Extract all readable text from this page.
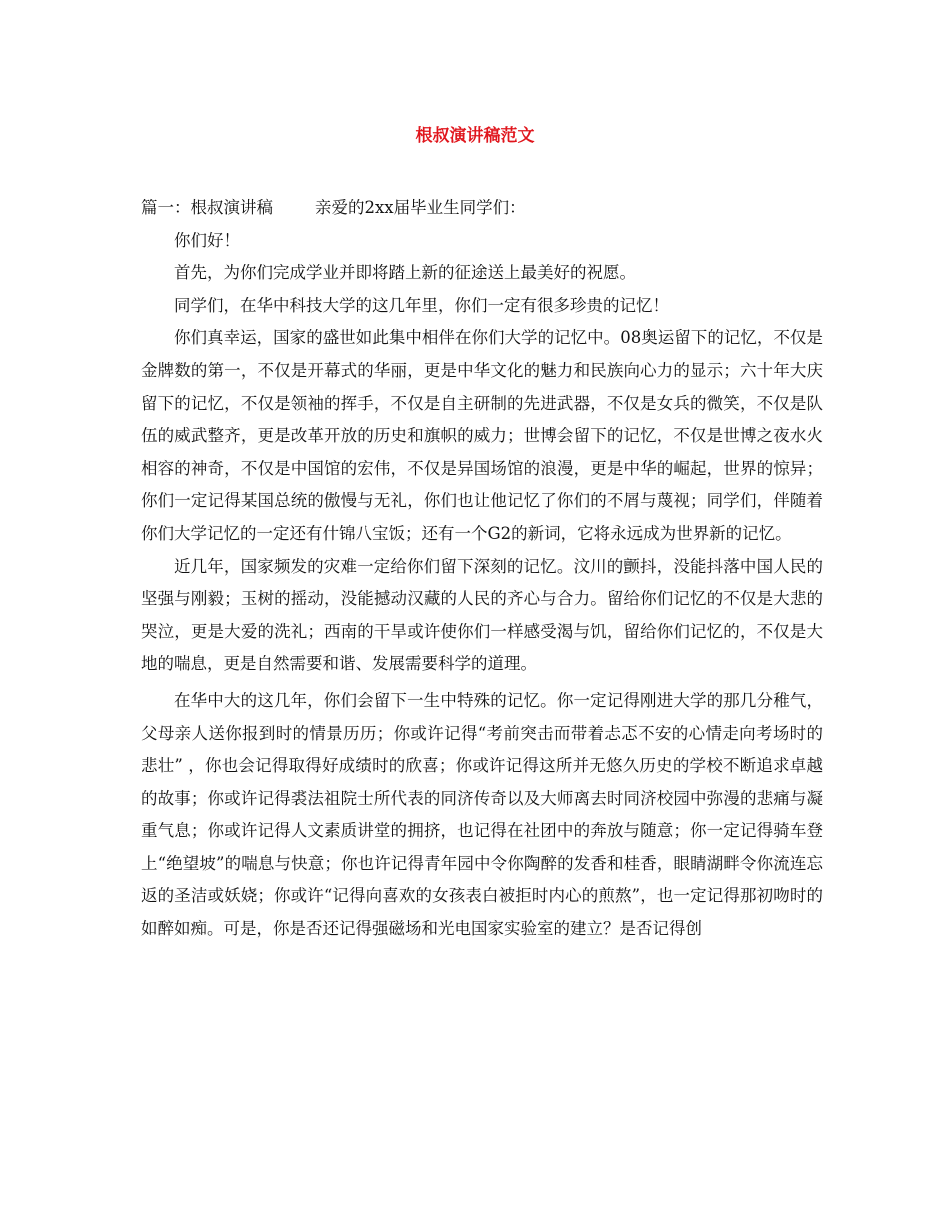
根叔演讲稿范文

篇一：根叔演讲稿	亲爱的2xx届毕业生同学们：

你们好！

首先，为你们完成学业并即将踏上新的征途送上最美好的祝愿。

同学们，在华中科技大学的这几年里，你们一定有很多珍贵的记忆！

你们真幸运，国家的盛世如此集中相伴在你们大学的记忆中。08奥运留下的记忆，不仅是金牌数的第一，不仅是开幕式的华丽，更是中华文化的魅力和民族向心力的显示；六十年大庆留下的记忆，不仅是领袖的挥手，不仅是自主研制的先进武器，不仅是女兵的微笑，不仅是队伍的威武整齐，更是改革开放的历史和旗帜的威力；世博会留下的记忆，不仅是世博之夜水火相容的神奇，不仅是中国馆的宏伟，不仅是异国场馆的浪漫，更是中华的崛起，世界的惊异；你们一定记得某国总统的傲慢与无礼，你们也让他记忆了你们的不屑与蔑视；同学们，伴随着你们大学记忆的一定还有什锦八宝饭；还有一个G2的新词，它将永远成为世界新的记忆。

近几年，国家频发的灾难一定给你们留下深刻的记忆。汶川的颤抖，没能抖落中国人民的坚强与刚毅；玉树的摇动，没能撼动汉藏的人民的齐心与合力。留给你们记忆的不仅是大悲的哭泣，更是大爱的洗礼；西南的干旱或许使你们一样感受渴与饥，留给你们记忆的，不仅是大地的喘息，更是自然需要和谐、发展需要科学的道理。

在华中大的这几年，你们会留下一生中特殊的记忆。你一定记得刚进大学的那几分稚气，父母亲人送你报到时的情景历历；你或许记得“考前突击而带着忐忑不安的心情走向考场时的悲壮” ，你也会记得取得好成绩时的欣喜；你或许记得这所并无悠久历史的学校不断追求卓越的故事；你或许记得裘法祖院士所代表的同济传奇以及大师离去时同济校园中弥漫的悲痛与凝重气息；你或许记得人文素质讲堂的拥挤，也记得在社团中的奔放与随意；你一定记得骑车登上“绝望坡”的喘息与快意；你也许记得青年园中令你陶醉的发香和桂香，眼睛湖畔令你流连忘返的圣洁或妖娆；你或许“记得向喜欢的女孩表白被拒时内心的煎熬”，也一定记得那初吻时的如醉如痴。可是，你是否还记得强磁场和光电国家实验室的建立？是否记得创
